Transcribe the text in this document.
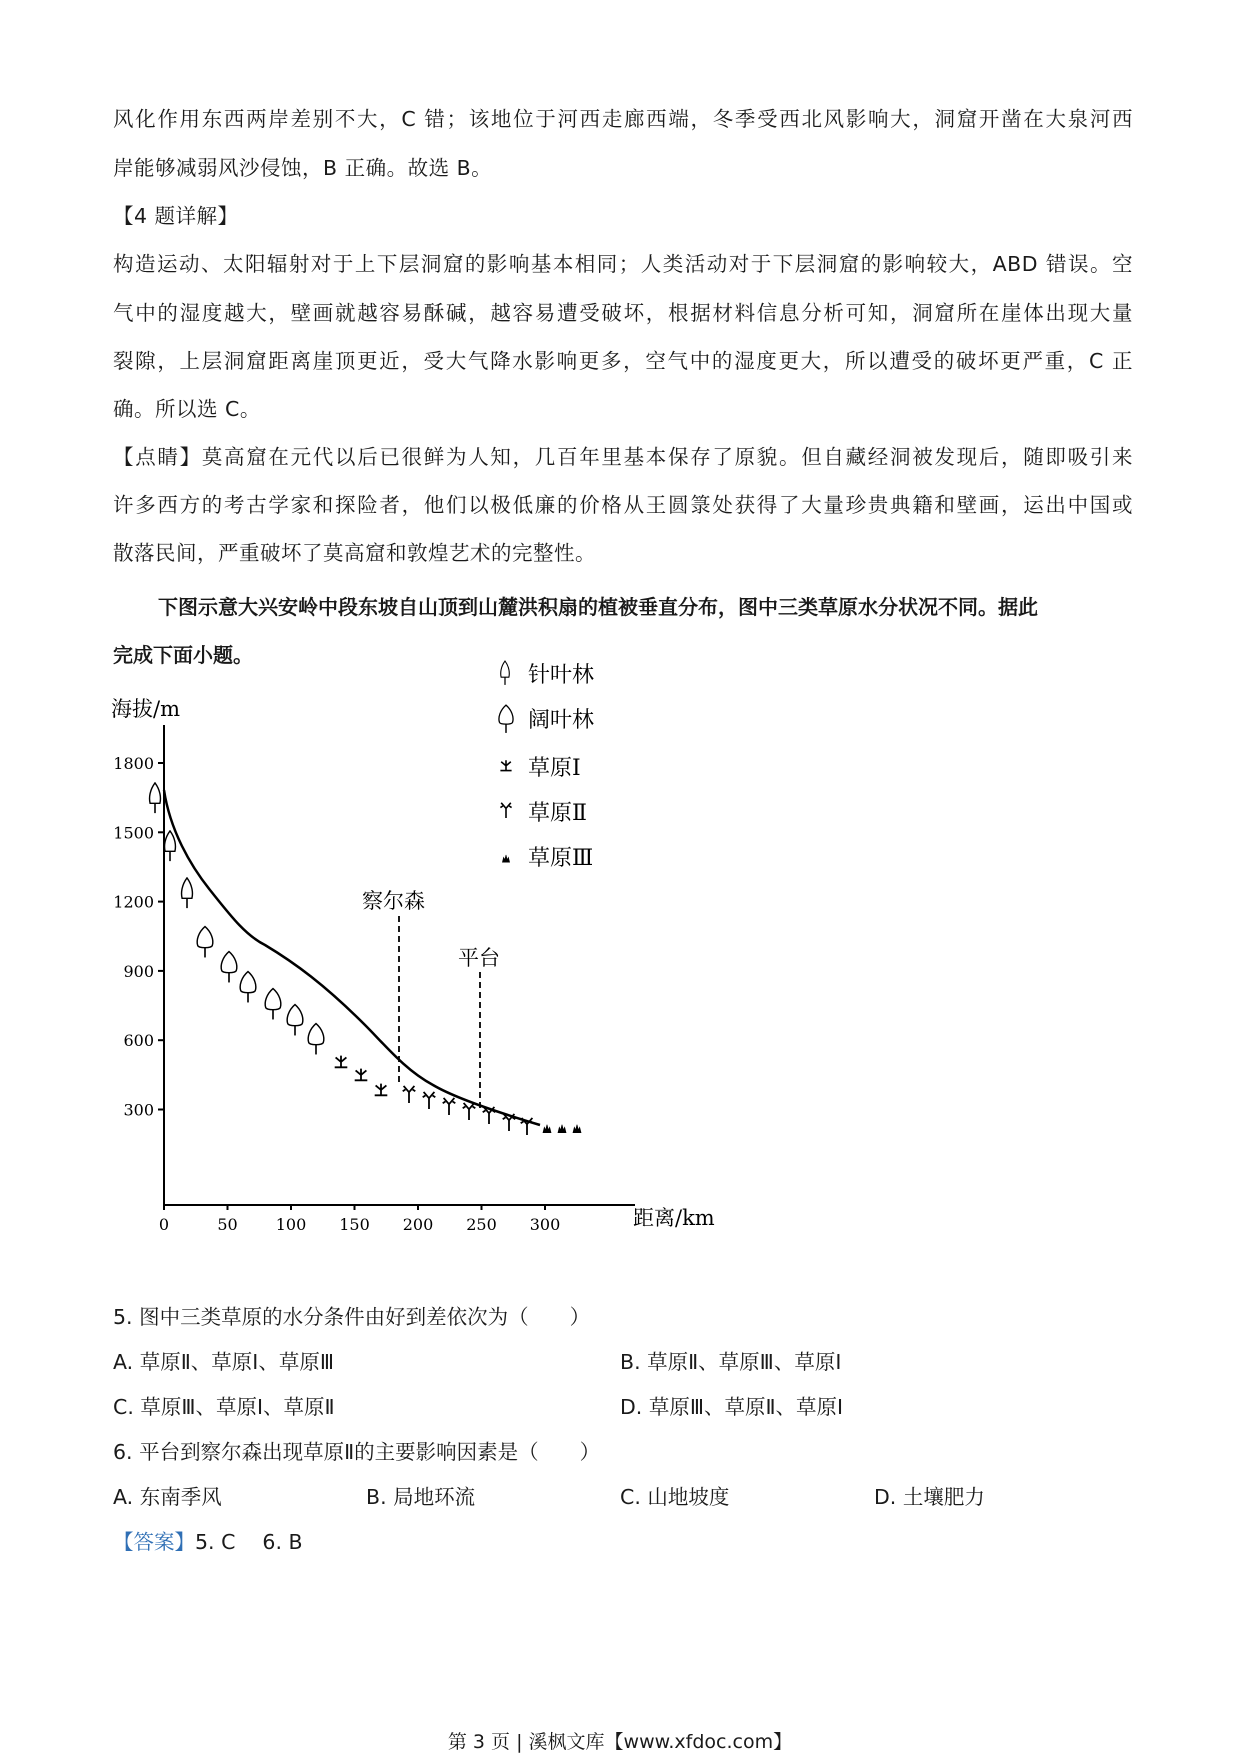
风化作用东西两岸差别不大，C 错；该地位于河西走廊西端，冬季受西北风影响大，洞窟开凿在大泉河西
岸能够减弱风沙侵蚀，B 正确。故选 B。
【4 题详解】
构造运动、太阳辐射对于上下层洞窟的影响基本相同；人类活动对于下层洞窟的影响较大，ABD 错误。空
气中的湿度越大，壁画就越容易酥碱，越容易遭受破坏，根据材料信息分析可知，洞窟所在崖体出现大量
裂隙，上层洞窟距离崖顶更近，受大气降水影响更多，空气中的湿度更大，所以遭受的破坏更严重，C 正
确。所以选 C。
【点睛】莫高窟在元代以后已很鲜为人知，几百年里基本保存了原貌。但自藏经洞被发现后，随即吸引来
许多西方的考古学家和探险者，他们以极低廉的价格从王圆箓处获得了大量珍贵典籍和壁画，运出中国或
散落民间，严重破坏了莫高窟和敦煌艺术的完整性。
下图示意大兴安岭中段东坡自山顶到山麓洪积扇的植被垂直分布，图中三类草原水分状况不同。据此
完成下面小题。
海拔/m
距离/km
1800
1500
1200
900
600
300
0	50 100 150 200 250 300
察尔森
平台
针叶林
阔叶林
草原Ⅰ
草原Ⅱ
草原Ⅲ
5. 图中三类草原的水分条件由好到差依次为（　　）
A. 草原Ⅱ、草原Ⅰ、草原Ⅲ	B. 草原Ⅱ、草原Ⅲ、草原Ⅰ
C. 草原Ⅲ、草原Ⅰ、草原Ⅱ	D. 草原Ⅲ、草原Ⅱ、草原Ⅰ
6. 平台到察尔森出现草原Ⅱ的主要影响因素是（　　）
A. 东南季风	B. 局地环流	C. 山地坡度	D. 土壤肥力
【答案】5. C　 6. B
第 3 页 | 溪枫文库【www.xfdoc.com】
